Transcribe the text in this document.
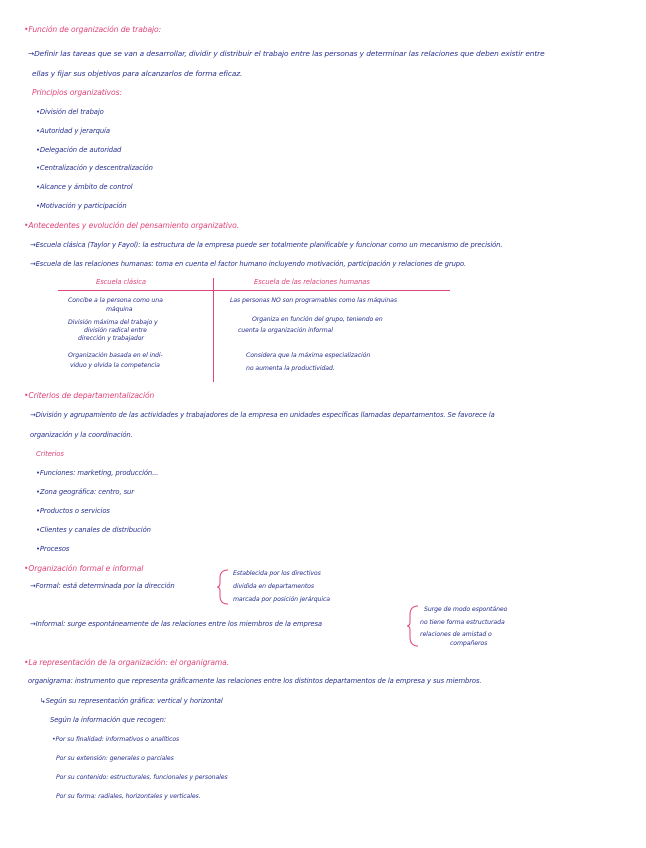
•Función de organización de trabajo:
→Definir las tareas que se van a desarrollar, dividir y distribuir el trabajo entre las personas y determinar las relaciones que deben existir entre
ellas y fijar sus objetivos para alcanzarlos de forma eficaz.
Principios organizativos:
•División del trabajo
•Autoridad y jerarquía
•Delegación de autoridad
•Centralización y descentralización
•Alcance y ámbito de control
•Motivación y participación
•Antecedentes y evolución del pensamiento organizativo.
→Escuela clásica (Taylor y Fayol): la estructura de la empresa puede ser totalmente planificable y funcionar como un mecanismo de precisión.
→Escuela de las relaciones humanas: toma en cuenta el factor humano incluyendo motivación, participación y relaciones de grupo.
Escuela clásica	Escuela de las relaciones humanas
Concibe a la persona como una
máquina
Las personas NO son programables como las máquinas
División máxima del trabajo y
división radical entre
dirección y trabajador
Organiza en función del grupo, teniendo en
cuenta la organización informal
Organización basada en el indi-
viduo y olvida la competencia
Considera que la máxima especialización
no aumenta la productividad.
•Criterios de departamentalización
→División y agrupamiento de las actividades y trabajadores de la empresa en unidades específicas llamadas departamentos. Se favorece la
organización y la coordinación.
Criterios
•Funciones: marketing, producción...
•Zona geográfica: centro, sur
•Productos o servicios
•Clientes y canales de distribución
•Procesos
•Organización formal e informal
→Formal: está determinada por la dirección
Establecida por los directivos
dividida en departamentos
marcada por posición jerárquica
→Informal: surge espontáneamente de las relaciones entre los miembros de la empresa
Surge de modo espontáneo
no tiene forma estructurada
relaciones de amistad o
compañeros
•La representación de la organización: el organigrama.
organigrama: instrumento que representa gráficamente las relaciones entre los distintos departamentos de la empresa y sus miembros.
↳Según su representación gráfica: vertical y horizontal
Según la información que recogen:
•Por su finalidad: informativos o analíticos
Por su extensión: generales o parciales
Por su contenido: estructurales, funcionales y personales
Por su forma: radiales, horizontales y verticales.
